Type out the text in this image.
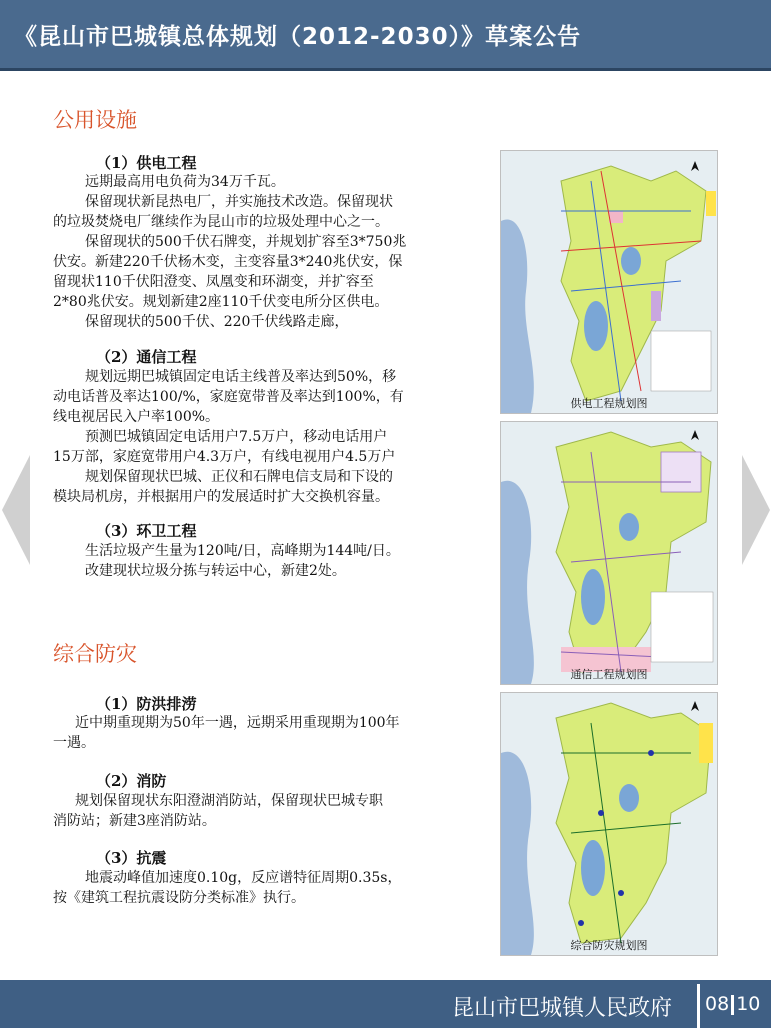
《昆山市巴城镇总体规划（2012-2030）》草案公告
公用设施
（1）供电工程
远期最高用电负荷为34万千瓦。
保留现状新昆热电厂，并实施技术改造。保留现状
的垃圾焚烧电厂继续作为昆山市的垃圾处理中心之一。
保留现状的500千伏石牌变，并规划扩容至3*750兆
伏安。新建220千伏杨木变，主变容量3*240兆伏安，保
留现状110千伏阳澄变、凤凰变和环湖变，并扩容至
2*80兆伏安。规划新建2座110千伏变电所分区供电。
保留现状的500千伏、220千伏线路走廊，
（2）通信工程
规划远期巴城镇固定电话主线普及率达到50%，移
动电话普及率达100/%，家庭宽带普及率达到100%，有
线电视居民入户率100%。
预测巴城镇固定电话用户7.5万户，移动电话用户
15万部，家庭宽带用户4.3万户，有线电视用户4.5万户
规划保留现状巴城、正仪和石牌电信支局和下设的
模块局机房，并根据用户的发展适时扩大交换机容量。
（3）环卫工程
生活垃圾产生量为120吨/日，高峰期为144吨/日。
改建现状垃圾分拣与转运中心，新建2处。
综合防灾
（1）防洪排涝
近中期重现期为50年一遇，远期采用重现期为100年
一遇。
（2）消防
规划保留现状东阳澄湖消防站，保留现状巴城专职
消防站；新建3座消防站。
（3）抗震
地震动峰值加速度0.10g，反应谱特征周期0.35s，
按《建筑工程抗震设防分类标准》执行。
供电工程规划图
通信工程规划图
综合防灾规划图
昆山市巴城镇人民政府 08 10
